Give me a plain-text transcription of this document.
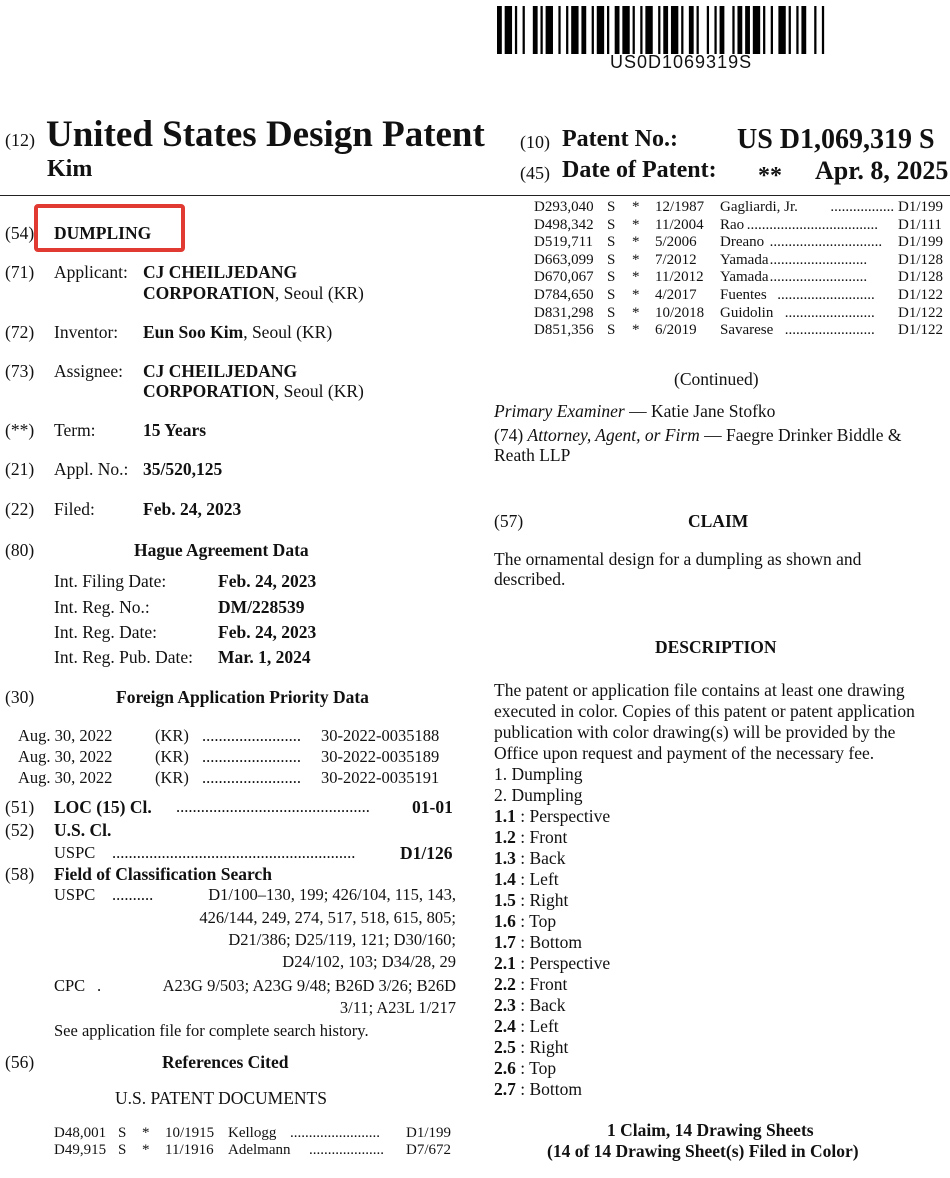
US0D1069319S
(12) United States Design Patent
Kim
(10) Patent No.: US D1,069,319 S
(45) Date of Patent: ** Apr. 8, 2025
(54) DUMPLING
(71) Applicant: CJ CHEILJEDANG
CORPORATION, Seoul (KR)
(72) Inventor: Eun Soo Kim, Seoul (KR)
(73) Assignee: CJ CHEILJEDANG
CORPORATION, Seoul (KR)
(**) Term:	15 Years
(21) Appl. No.: 35/520,125
(22) Filed:	Feb. 24, 2023
(80)	Hague Agreement Data
Int. Filing Date:	Feb. 24, 2023
Int. Reg. No.:	DM/228539
Int. Reg. Date:	Feb. 24, 2023
Int. Reg. Pub. Date: Mar. 1, 2024
(30)	Foreign Application Priority Data
Aug. 30, 2022	(KR) ........................ 30-2022-0035188
Aug. 30, 2022	(KR) ........................ 30-2022-0035189
Aug. 30, 2022	(KR) ........................ 30-2022-0035191
(51) LOC (15) Cl. ............................................... 01-01
(52) U.S. Cl.
USPC ...........................................................	D1/126
(58) Field of Classification Search
USPC ..........	D1/100–130, 199; 426/104, 115, 143,
426/144, 249, 274, 517, 518, 615, 805;
D21/386; D25/119, 121; D30/160;
D24/102, 103; D34/28, 29
CPC .	A23G 9/503; A23G 9/48; B26D 3/26; B26D
3/11; A23L 1/217
See application file for complete search history.
(56)	References Cited
U.S. PATENT DOCUMENTS
D48,001 S * 10/1915 Kellogg ........................ D1/199
D49,915 S * 11/1916 Adelmann .................... D7/672
D293,040 S * 12/1987 Gagliardi, Jr. ................. D1/199
D498,342 S * 11/2004 Rao ................................... D1/111
D519,711 S * 5/2006 Dreano .............................. D1/199
D663,099 S * 7/2012 Yamada .......................... D1/128
D670,067 S * 11/2012 Yamada .......................... D1/128
D784,650 S * 4/2017 Fuentes .......................... D1/122
D831,298 S * 10/2018 Guidolin ........................ D1/122
D851,356 S * 6/2019 Savarese ........................ D1/122
(Continued)
Primary Examiner — Katie Jane Stofko
(74) Attorney, Agent, or Firm — Faegre Drinker Biddle &
Reath LLP
(57)	CLAIM
The ornamental design for a dumpling as shown and
described.
DESCRIPTION
The patent or application file contains at least one drawing
executed in color. Copies of this patent or patent application
publication with color drawing(s) will be provided by the
Office upon request and payment of the necessary fee.
1. Dumpling
2. Dumpling
1.1 : Perspective
1.2 : Front
1.3 : Back
1.4 : Left
1.5 : Right
1.6 : Top
1.7 : Bottom
2.1 : Perspective
2.2 : Front
2.3 : Back
2.4 : Left
2.5 : Right
2.6 : Top
2.7 : Bottom
1 Claim, 14 Drawing Sheets
(14 of 14 Drawing Sheet(s) Filed in Color)
